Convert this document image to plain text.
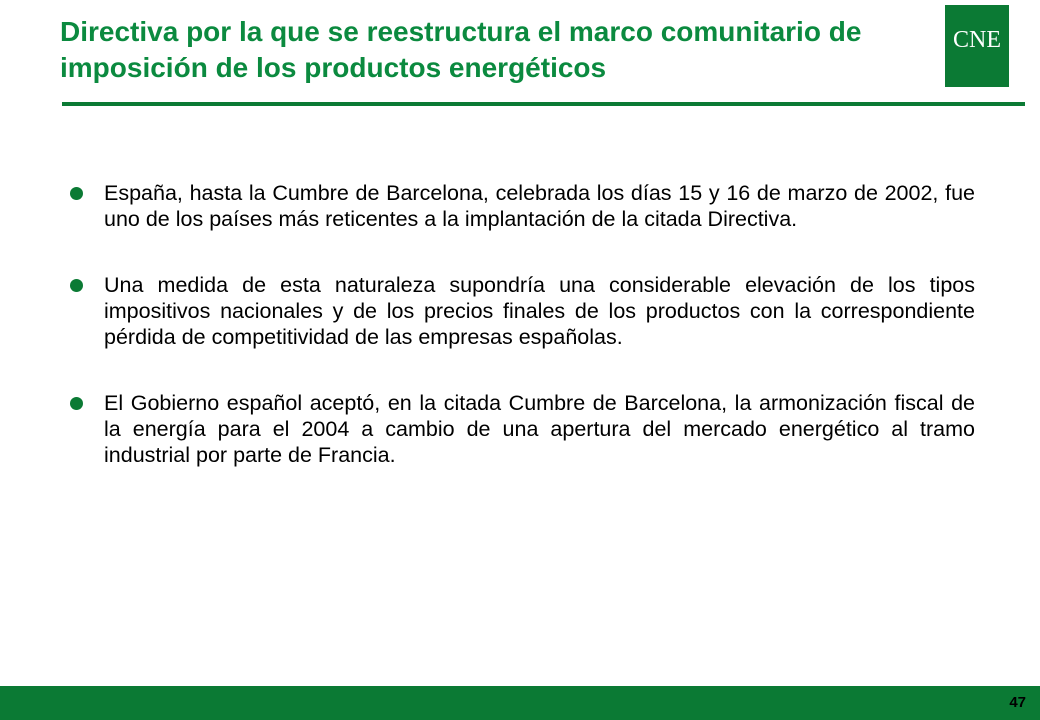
Directiva por la que se reestructura el marco comunitario de imposición de los productos energéticos
CNE
España, hasta la Cumbre de Barcelona, celebrada los días 15 y 16 de marzo de 2002, fue uno de los países más reticentes a la implantación de la citada Directiva.
Una medida de esta naturaleza supondría una considerable elevación de los tipos impositivos nacionales y de los precios finales de los productos con la correspondiente pérdida de competitividad de las empresas españolas.
El Gobierno español aceptó, en la citada Cumbre de Barcelona, la armonización fiscal de la energía para el 2004 a cambio de una apertura del mercado energético al tramo industrial por parte de Francia.
47
